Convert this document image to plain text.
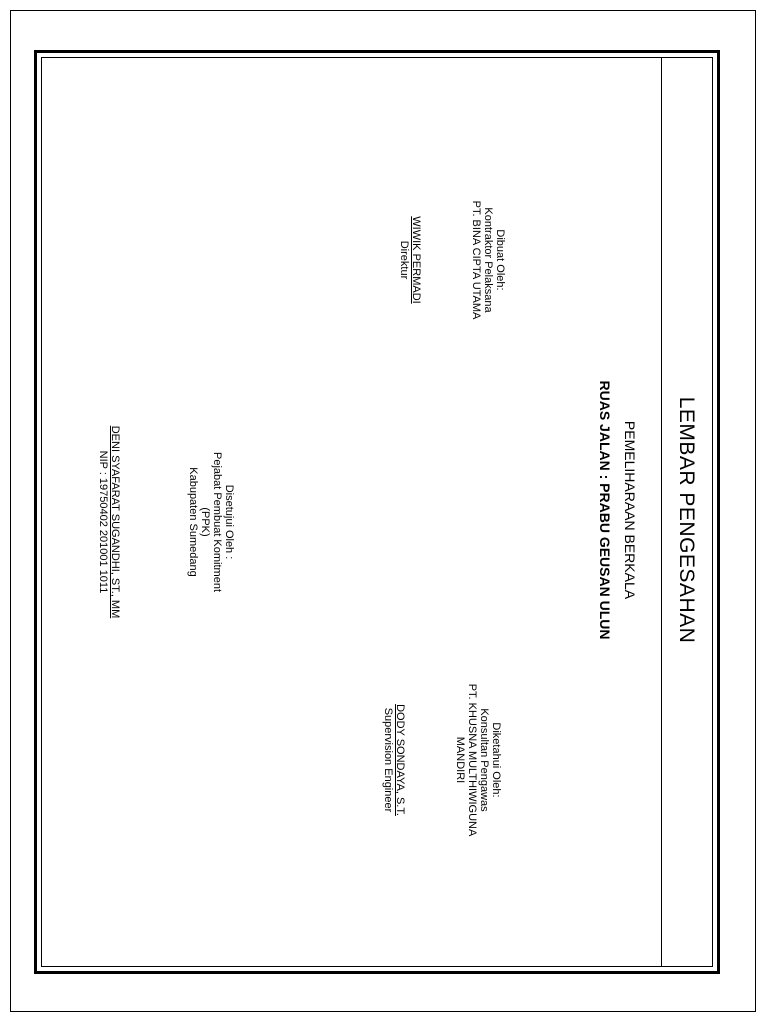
LEMBAR PENGESAHAN
PEMELIHARAAN BERKALA
RUAS JALAN : PRABU GEUSAN ULUN
Dibuat Oleh:
Kontraktor Pelaksana
PT. BINA CIPTA UTAMA
WIWIK PERMADI
Direktur
Diketahui Oleh:
Konsultan Pengawas
PT. KHUSNA MULTHIWIGUNA
MANDIRI
DODY SONDAYA, S.T.
Supervision Engineer
Disetujui Oleh :
Pejabat Pembuat Komitment
(PPK)
Kabupaten Sumedang
DENI SYAFARAT SUGANDHI, ST., MM
NIP : 19750402 201001 1011
